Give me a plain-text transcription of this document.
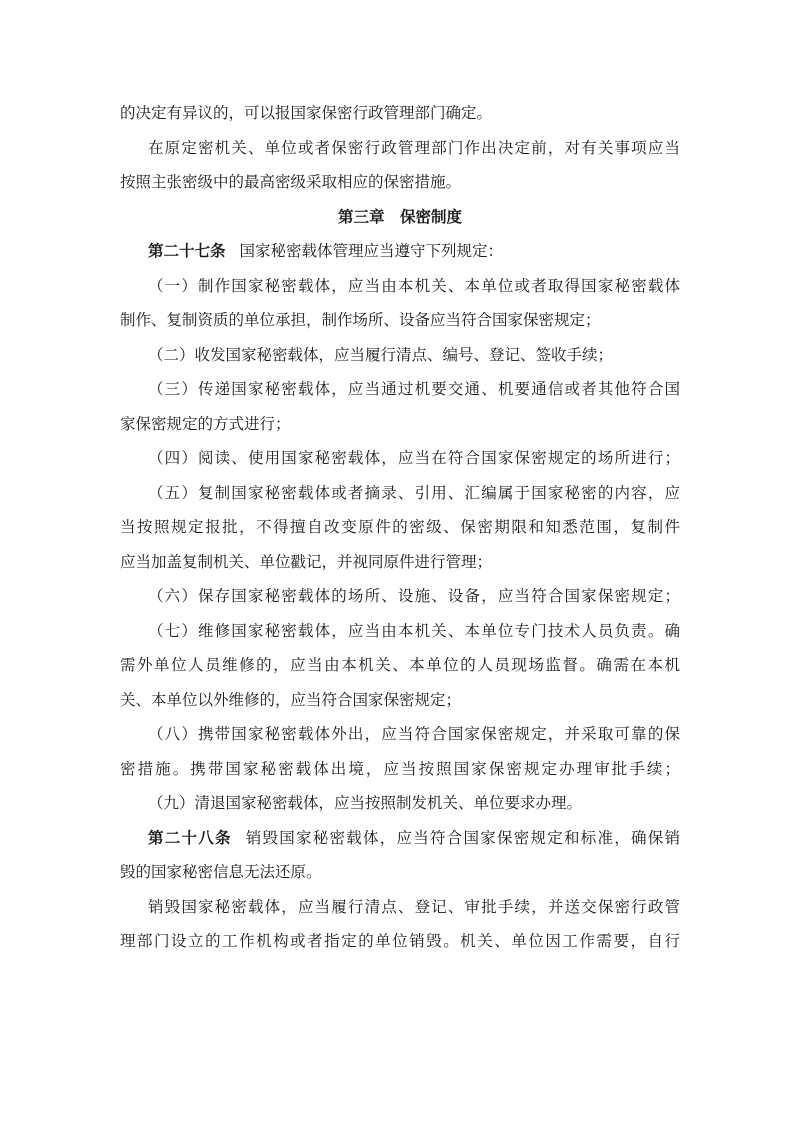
的决定有异议的，可以报国家保密行政管理部门确定。
在原定密机关、单位或者保密行政管理部门作出决定前，对有关事项应当
按照主张密级中的最高密级采取相应的保密措施。
第三章　保密制度
第二十七条 国家秘密载体管理应当遵守下列规定：
（一）制作国家秘密载体，应当由本机关、本单位或者取得国家秘密载体
制作、复制资质的单位承担，制作场所、设备应当符合国家保密规定；
（二）收发国家秘密载体，应当履行清点、编号、登记、签收手续；
（三）传递国家秘密载体，应当通过机要交通、机要通信或者其他符合国
家保密规定的方式进行；
（四）阅读、使用国家秘密载体，应当在符合国家保密规定的场所进行；
（五）复制国家秘密载体或者摘录、引用、汇编属于国家秘密的内容，应
当按照规定报批，不得擅自改变原件的密级、保密期限和知悉范围，复制件
应当加盖复制机关、单位戳记，并视同原件进行管理；
（六）保存国家秘密载体的场所、设施、设备，应当符合国家保密规定；
（七）维修国家秘密载体，应当由本机关、本单位专门技术人员负责。确
需外单位人员维修的，应当由本机关、本单位的人员现场监督。确需在本机
关、本单位以外维修的，应当符合国家保密规定；
（八）携带国家秘密载体外出，应当符合国家保密规定，并采取可靠的保
密措施。携带国家秘密载体出境，应当按照国家保密规定办理审批手续；
（九）清退国家秘密载体，应当按照制发机关、单位要求办理。
第二十八条 销毁国家秘密载体，应当符合国家保密规定和标准，确保销
毁的国家秘密信息无法还原。
销毁国家秘密载体，应当履行清点、登记、审批手续，并送交保密行政管
理部门设立的工作机构或者指定的单位销毁。机关、单位因工作需要，自行
